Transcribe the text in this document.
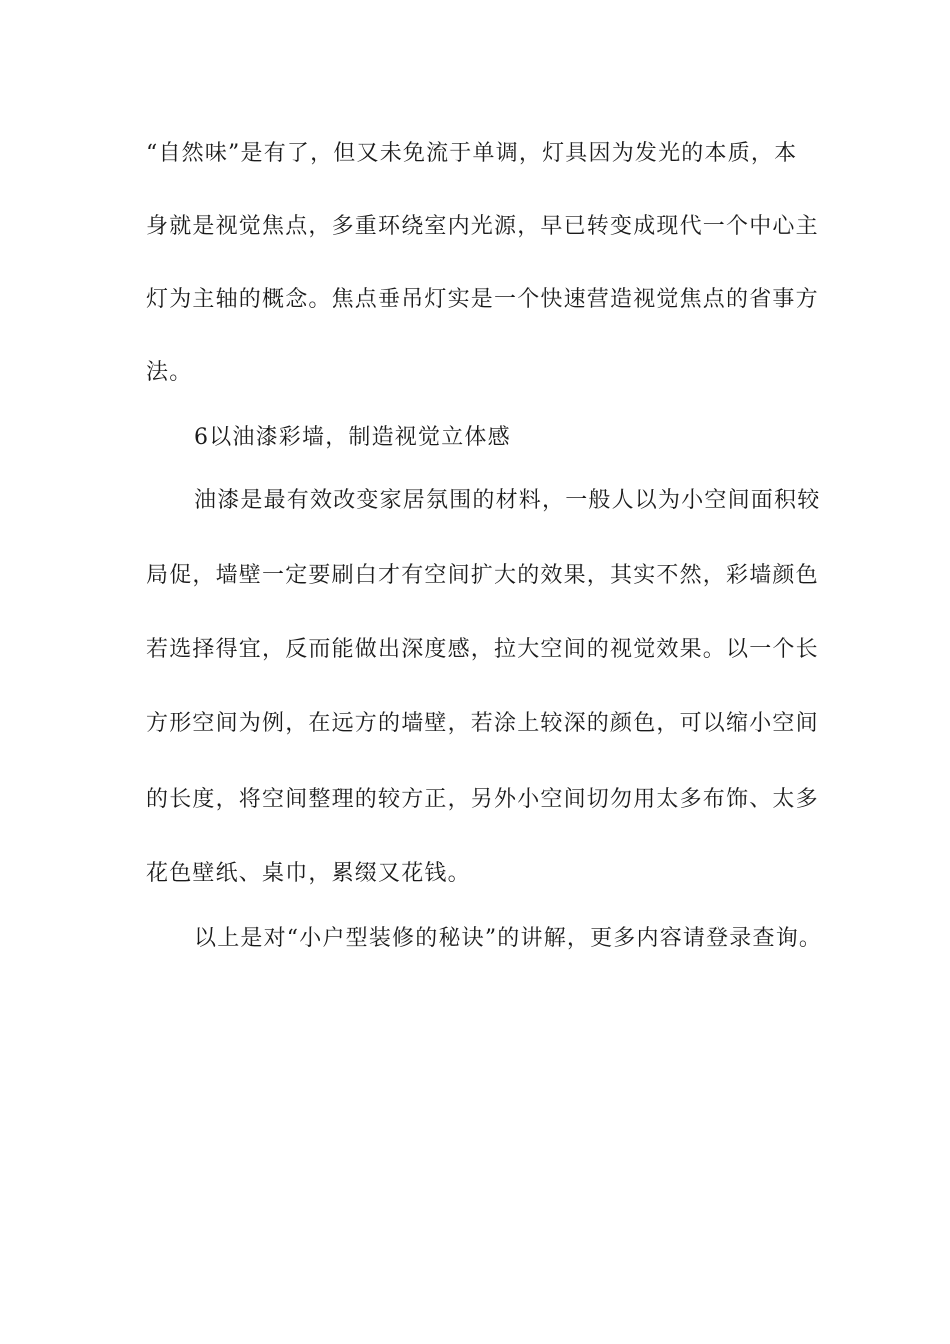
“自然味”是有了，但又未免流于单调，灯具因为发光的本质，本
身就是视觉焦点，多重环绕室内光源，早已转变成现代一个中心主
灯为主轴的概念。焦点垂吊灯实是一个快速营造视觉焦点的省事方
法。
6以油漆彩墙，制造视觉立体感
油漆是最有效改变家居氛围的材料，一般人以为小空间面积较
局促，墙壁一定要刷白才有空间扩大的效果，其实不然，彩墙颜色
若选择得宜，反而能做出深度感，拉大空间的视觉效果。以一个长
方形空间为例，在远方的墙壁，若涂上较深的颜色，可以缩小空间
的长度，将空间整理的较方正，另外小空间切勿用太多布饰、太多
花色壁纸、桌巾，累缀又花钱。
以上是对“小户型装修的秘诀”的讲解，更多内容请登录查询。
